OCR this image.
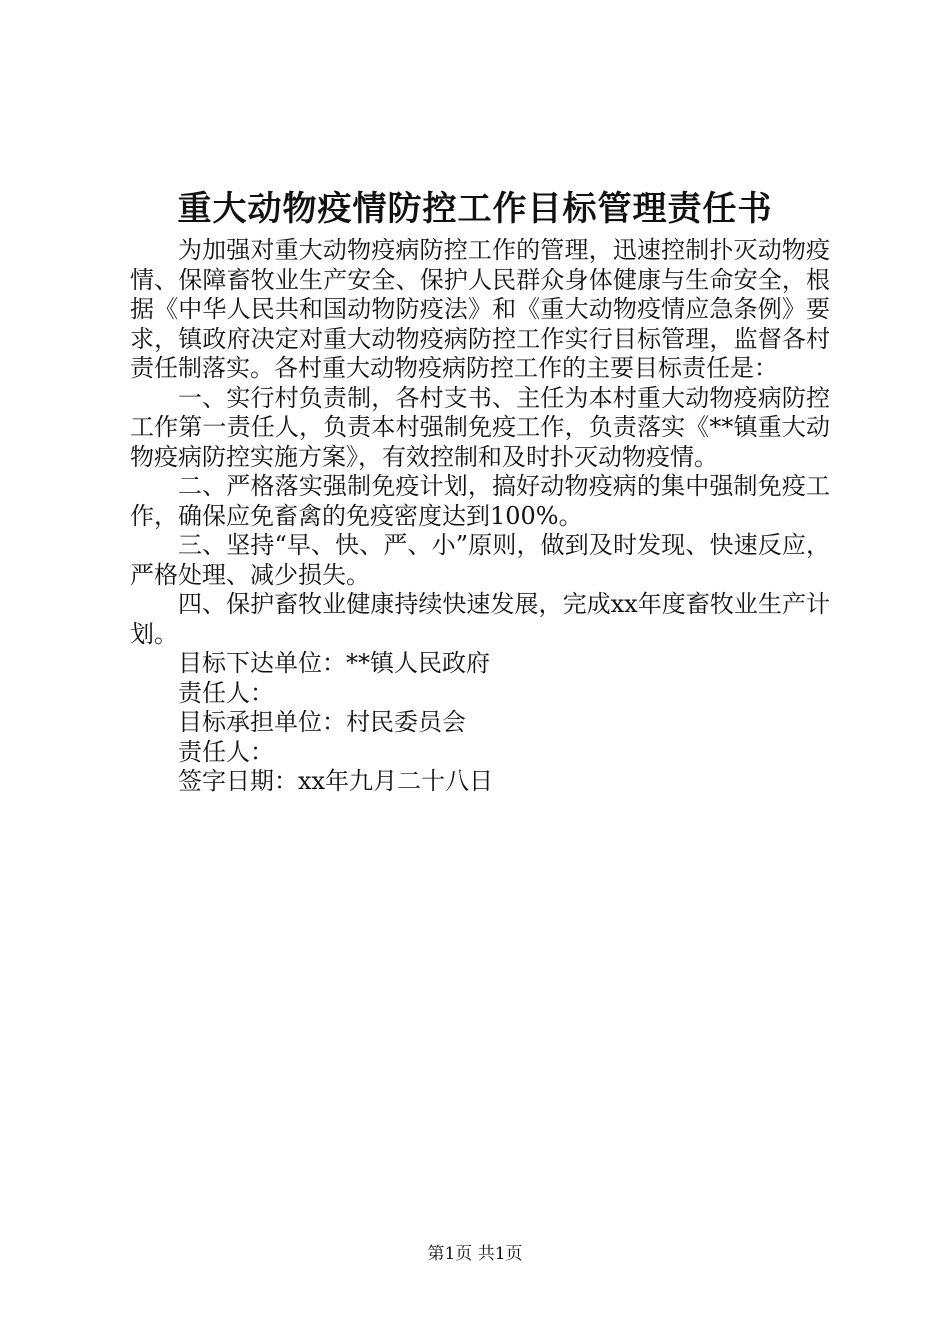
重大动物疫情防控工作目标管理责任书

为加强对重大动物疫病防控工作的管理，迅速控制扑灭动物疫情、保障畜牧业生产安全、保护人民群众身体健康与生命安全，根据《中华人民共和国动物防疫法》和《重大动物疫情应急条例》要求，镇政府决定对重大动物疫病防控工作实行目标管理，监督各村责任制落实。各村重大动物疫病防控工作的主要目标责任是：

一、实行村负责制，各村支书、主任为本村重大动物疫病防控工作第一责任人，负责本村强制免疫工作，负责落实《**镇重大动物疫病防控实施方案》，有效控制和及时扑灭动物疫情。

二、严格落实强制免疫计划，搞好动物疫病的集中强制免疫工作，确保应免畜禽的免疫密度达到100%。

三、坚持“早、快、严、小”原则，做到及时发现、快速反应，严格处理、减少损失。

四、保护畜牧业健康持续快速发展，完成xx年度畜牧业生产计划。

目标下达单位：**镇人民政府

责任人：

目标承担单位：村民委员会

责任人：

签字日期：xx年九月二十八日

第1页 共1页
